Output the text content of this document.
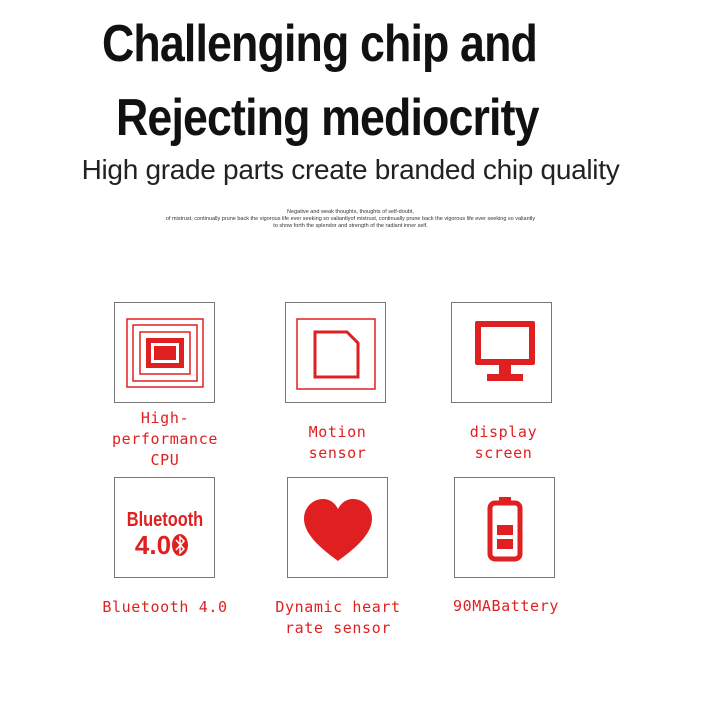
Challenging chip and
Rejecting mediocrity
High grade parts create branded chip quality
Negative and weak thoughts, thoughts of self-doubt,
of mistrust, continually prune back the vigorous life ever seeking so valiantlyof mistrust, continually prune back the vigorous life ever seeking so valiantly
to show forth the splendor and strength of the radiant inner self.
High-
performance
CPU
Motion
sensor
display
screen
Bluetooth
4.0
Bluetooth 4.0	Dynamic heart
rate sensor
90MABattery
